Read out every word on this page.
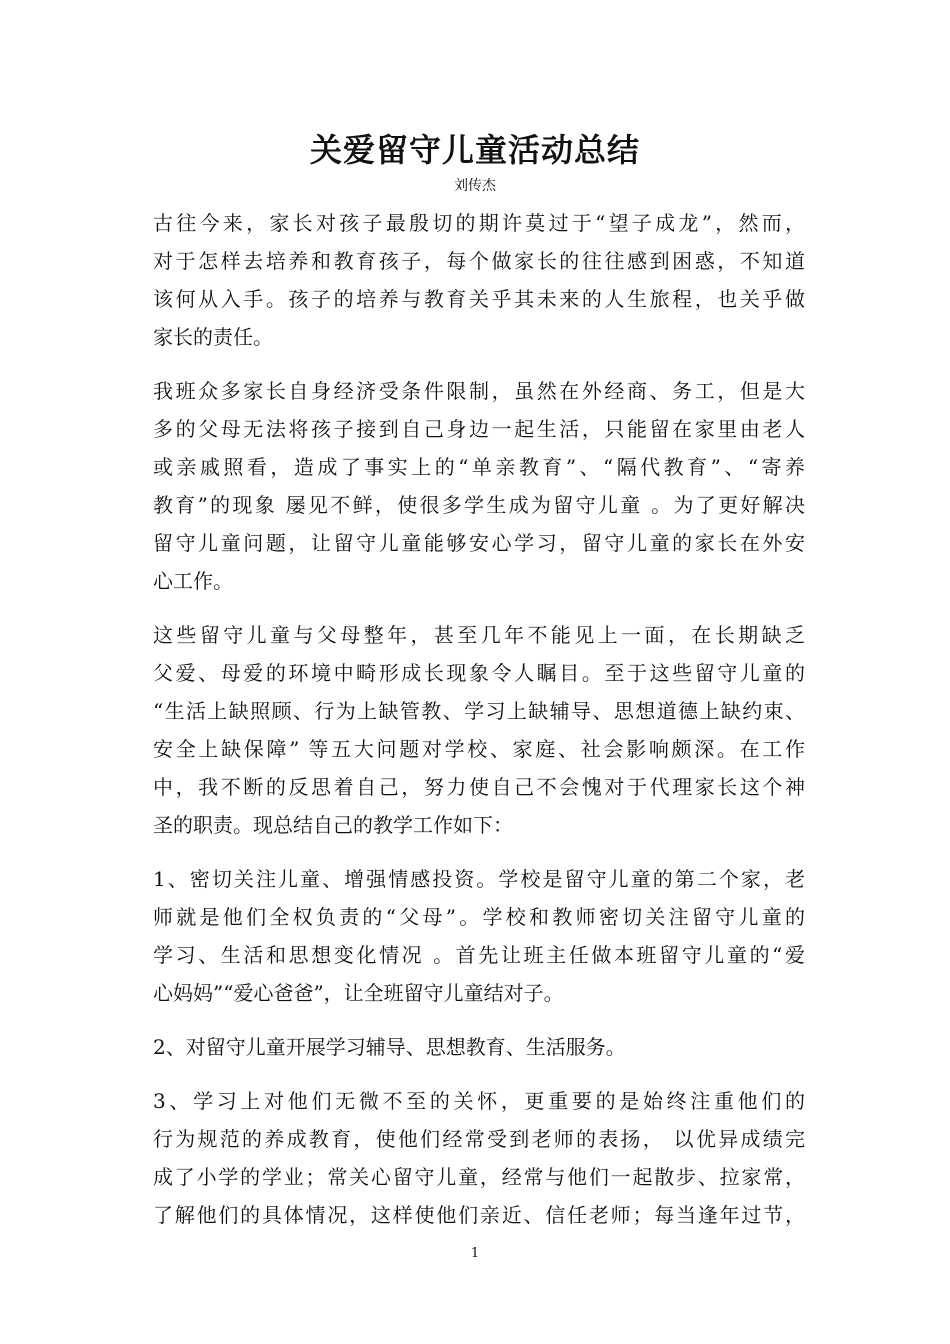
关爱留守儿童活动总结
刘传杰
古往今来，家长对孩子最殷切的期许莫过于“望子成龙”，然而，
对于怎样去培养和教育孩子，每个做家长的往往感到困惑，不知道
该何从入手。孩子的培养与教育关乎其未来的人生旅程，也关乎做
家长的责任。
我班众多家长自身经济受条件限制，虽然在外经商、务工，但是大
多的父母无法将孩子接到自己身边一起生活，只能留在家里由老人
或亲戚照看，造成了事实上的“单亲教育”、“隔代教育”、“寄养
教育”的现象 屡见不鲜，使很多学生成为留守儿童 。为了更好解决
留守儿童问题，让留守儿童能够安心学习，留守儿童的家长在外安
心工作。
这些留守儿童与父母整年，甚至几年不能见上一面，在长期缺乏
父爱、母爱的环境中畸形成长现象令人瞩目。至于这些留守儿童的
“生活上缺照顾、行为上缺管教、学习上缺辅导、思想道德上缺约束、
安全上缺保障” 等五大问题对学校、家庭、社会影响颇深。在工作
中，我不断的反思着自己，努力使自己不会愧对于代理家长这个神
圣的职责。现总结自己的教学工作如下：
1、密切关注儿童、增强情感投资。学校是留守儿童的第二个家，老
师就是他们全权负责的“父母”。学校和教师密切关注留守儿童的
学习、生活和思想变化情况 。首先让班主任做本班留守儿童的“爱
心妈妈”“爱心爸爸”，让全班留守儿童结对子。
2、对留守儿童开展学习辅导、思想教育、生活服务。
3、学习上对他们无微不至的关怀，更重要的是始终注重他们的
行为规范的养成教育，使他们经常受到老师的表扬， 以优异成绩完
成了小学的学业；常关心留守儿童，经常与他们一起散步、拉家常，
了解他们的具体情况，这样使他们亲近、信任老师；每当逢年过节，
1
